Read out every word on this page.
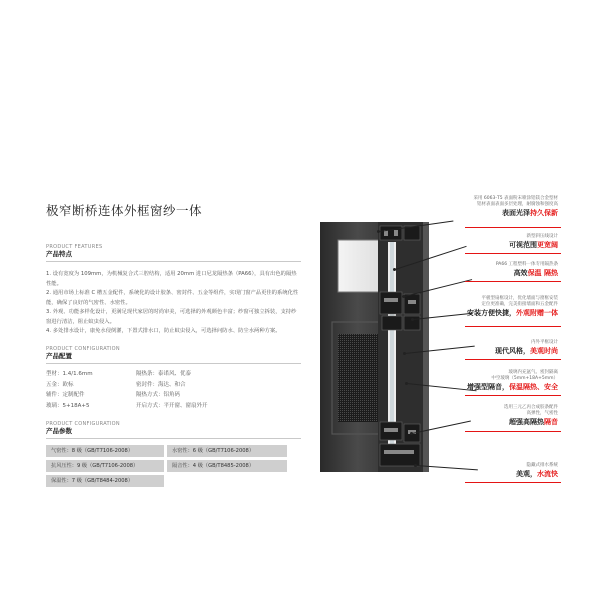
极窄断桥连体外框窗纱一体
PRODUCT FEATURES
产品特点
1. 设有宽度为 109mm，为机械复合式三腔结构，适用 20mm 进口尼龙隔热条（PA66），具有出色的隔热性能。
2. 通用市场上标准 C 槽五金配件，系统化的设计胶条、密封件、五金等组件，实现门窗产品更佳的系统化性能，确保了良好的气密性、水密性。
3. 外观、功能多样化设计，更满足现代家居的时尚审美，可选择的外观颜色丰富；纱窗可独立拆装，支持纱窗进行清洁，阻止蚊虫侵入。
4. 多处排水设计，康免水侵倒灌，下置式排水口，防止蚊虫侵入，可选择问防水、防尘水两种方案。
PRODUCT CONFIGURATION
产品配置
型材：1.4/1.6mm	隔热条：泰诺风、优泰
五金：欧标	密封件：海达、和合
辅件：定制配件	隔热方式：铝角码
玻璃：5+18A+5	开启方式：平开窗、窗扇外开
PRODUCT CONFIGURATION
产品参数
气密性：8 级（GB/T7106-2008）	水密性：6 级（GB/T7106-2008）
抗风压性：9 级（GB/T7106-2008）	隔音性：4 级（GB/T8485-2008）
保温性：7 级（GB/T8484-2008）
采用 6063-T5 表面粉末喷涂铝镁合金型材
铝材表面表面多层处理，耐腐蚀和强度高
表面光泽持久保新
新型斜压线设计
可视范围更宽阔
PA66 工程塑料一体专用隔热条
高效保温 隔热
平板型扇框设计，优化墙面与窗框安装
定位更准确，完美衔接墙面和五金配件
安装方便快捷，外观附赠一体
内外平框设计
现代风格，美观时尚
玻璃内充氩气、密封隔离
中空玻璃（5mm+18A+5mm）
增强型隔音，保温隔热、安全
选用三元乙丙合成胶条配件
高弹性，气密性
超强高隔热隔音
隐藏式排水系统
美观，水流快
